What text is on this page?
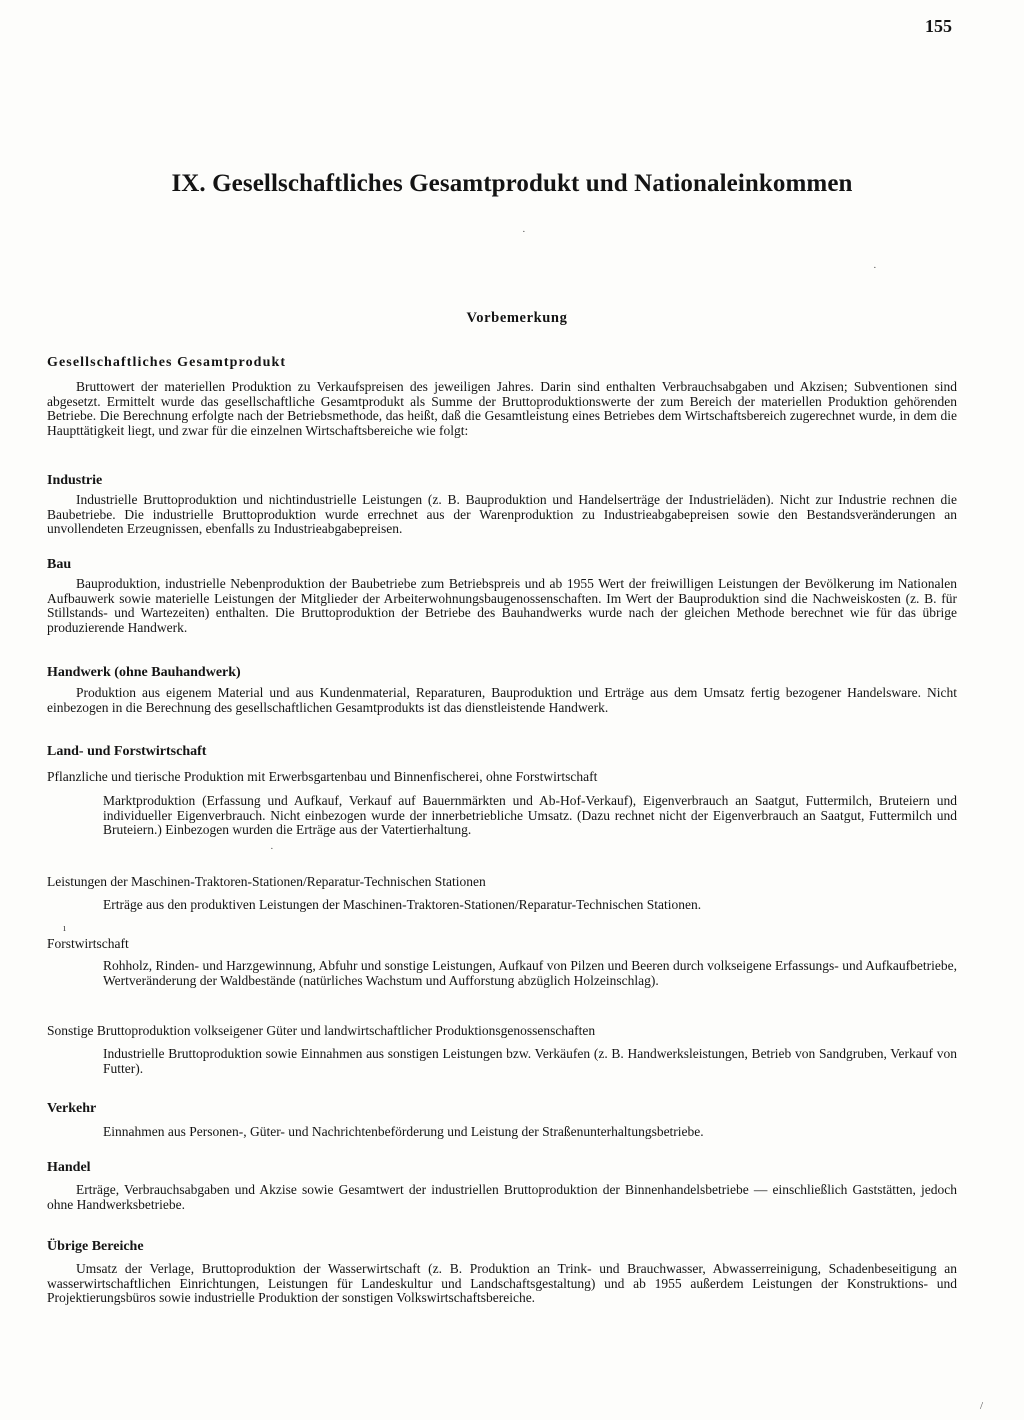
155
IX. Gesellschaftliches Gesamtprodukt und Nationaleinkommen
Vorbemerkung
Gesellschaftliches Gesamtprodukt

Bruttowert der materiellen Produktion zu Verkaufspreisen des jeweiligen Jahres. Darin sind enthalten Verbrauchsabgaben und Akzisen; Subventionen sind abgesetzt. Ermittelt wurde das gesellschaftliche Gesamtprodukt als Summe der Bruttoproduktionswerte der zum Bereich der materiellen Produktion gehörenden Betriebe. Die Berechnung erfolgte nach der Betriebsmethode, das heißt, daß die Gesamtleistung eines Betriebes dem Wirtschaftsbereich zugerechnet wurde, in dem die Haupttätigkeit liegt, und zwar für die einzelnen Wirtschaftsbereiche wie folgt:

Industrie

Industrielle Bruttoproduktion und nichtindustrielle Leistungen (z. B. Bauproduktion und Handelserträge der Industrieläden). Nicht zur Industrie rechnen die Baubetriebe. Die industrielle Bruttoproduktion wurde errechnet aus der Warenproduktion zu Industrieabgabepreisen sowie den Bestandsveränderungen an unvollendeten Erzeugnissen, ebenfalls zu Industrieabgabepreisen.

Bau

Bauproduktion, industrielle Nebenproduktion der Baubetriebe zum Betriebspreis und ab 1955 Wert der freiwilligen Leistungen der Bevölkerung im Nationalen Aufbauwerk sowie materielle Leistungen der Mitglieder der Arbeiterwohnungsbaugenossenschaften. Im Wert der Bauproduktion sind die Nachweiskosten (z. B. für Stillstands- und Wartezeiten) enthalten. Die Bruttoproduktion der Betriebe des Bauhandwerks wurde nach der gleichen Methode berechnet wie für das übrige produzierende Handwerk.

Handwerk (ohne Bauhandwerk)

Produktion aus eigenem Material und aus Kundenmaterial, Reparaturen, Bauproduktion und Erträge aus dem Umsatz fertig bezogener Handelsware. Nicht einbezogen in die Berechnung des gesellschaftlichen Gesamtprodukts ist das dienstleistende Handwerk.

Land- und Forstwirtschaft
Pflanzliche und tierische Produktion mit Erwerbsgartenbau und Binnenfischerei, ohne Forstwirtschaft

Marktproduktion (Erfassung und Aufkauf, Verkauf auf Bauernmärkten und Ab-Hof-Verkauf), Eigenverbrauch an Saatgut, Futtermilch, Bruteiern und individueller Eigenverbrauch. Nicht einbezogen wurde der innerbetriebliche Umsatz. (Dazu rechnet nicht der Eigenverbrauch an Saatgut, Futtermilch und Bruteiern.) Einbezogen wurden die Erträge aus der Vatertierhaltung.

Leistungen der Maschinen-Traktoren-Stationen/Reparatur-Technischen Stationen

Erträge aus den produktiven Leistungen der Maschinen-Traktoren-Stationen/Reparatur-Technischen Stationen.

Forstwirtschaft

Rohholz, Rinden- und Harzgewinnung, Abfuhr und sonstige Leistungen, Aufkauf von Pilzen und Beeren durch volkseigene Erfassungs- und Aufkaufbetriebe, Wertveränderung der Waldbestände (natürliches Wachstum und Aufforstung abzüglich Holzeinschlag).

Sonstige Bruttoproduktion volkseigener Güter und landwirtschaftlicher Produktionsgenossenschaften

Industrielle Bruttoproduktion sowie Einnahmen aus sonstigen Leistungen bzw. Verkäufen (z. B. Handwerksleistungen, Betrieb von Sandgruben, Verkauf von Futter).

Verkehr

Einnahmen aus Personen-, Güter- und Nachrichtenbeförderung und Leistung der Straßenunterhaltungsbetriebe.

Handel

Erträge, Verbrauchsabgaben und Akzise sowie Gesamtwert der industriellen Bruttoproduktion der Binnenhandelsbetriebe — einschließlich Gaststätten, jedoch ohne Handwerksbetriebe.

Übrige Bereiche

Umsatz der Verlage, Bruttoproduktion der Wasserwirtschaft (z. B. Produktion an Trink- und Brauchwasser, Abwasserreinigung, Schadenbeseitigung an wasserwirtschaftlichen Einrichtungen, Leistungen für Landeskultur und Landschaftsgestaltung) und ab 1955 außerdem Leistungen der Konstruktions- und Projektierungsbüros sowie industrielle Produktion der sonstigen Volkswirtschaftsbereiche.

·
·
ı
·
/
